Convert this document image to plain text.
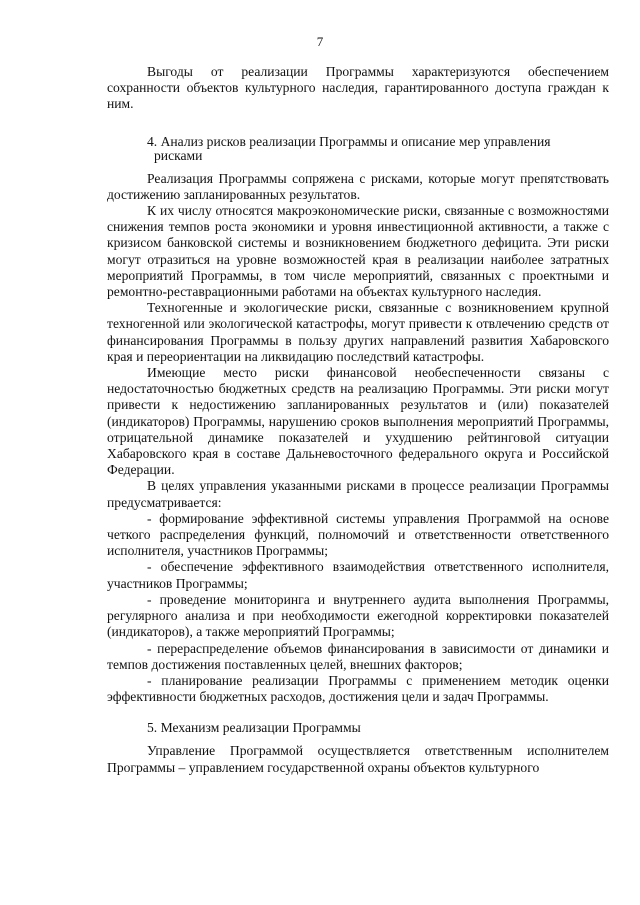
7

Выгоды от реализации Программы характеризуются обеспечением сохранности объектов культурного наследия, гарантированного доступа граждан к ним.

4. Анализ рисков реализации Программы и описание мер управления
рисками

Реализация Программы сопряжена с рисками, которые могут препятствовать достижению запланированных результатов.

К их числу относятся макроэкономические риски, связанные с возможностями снижения темпов роста экономики и уровня инвестиционной активности, а также с кризисом банковской системы и возникновением бюджетного дефицита. Эти риски могут отразиться на уровне возможностей края в реализации наиболее затратных мероприятий Программы, в том числе мероприятий, связанных с проектными и ремонтно-реставрационными работами на объектах культурного наследия.

Техногенные и экологические риски, связанные с возникновением крупной техногенной или экологической катастрофы, могут привести к отвлечению средств от финансирования Программы в пользу других направлений развития Хабаровского края и переориентации на ликвидацию последствий катастрофы.

Имеющие место риски финансовой необеспеченности связаны с недостаточностью бюджетных средств на реализацию Программы. Эти риски могут привести к недостижению запланированных результатов и (или) показателей (индикаторов) Программы, нарушению сроков выполнения мероприятий Программы, отрицательной динамике показателей и ухудшению рейтинговой ситуации Хабаровского края в составе Дальневосточного федерального округа и Российской Федерации.

В целях управления указанными рисками в процессе реализации Программы предусматривается:

- формирование эффективной системы управления Программой на основе четкого распределения функций, полномочий и ответственности ответственного исполнителя, участников Программы;

- обеспечение эффективного взаимодействия ответственного исполнителя, участников Программы;

- проведение мониторинга и внутреннего аудита выполнения Программы, регулярного анализа и при необходимости ежегодной корректировки показателей (индикаторов), а также мероприятий Программы;

- перераспределение объемов финансирования в зависимости от динамики и темпов достижения поставленных целей, внешних факторов;

- планирование реализации Программы с применением методик оценки эффективности бюджетных расходов, достижения цели и задач Программы.

5. Механизм реализации Программы

Управление Программой осуществляется ответственным исполнителем Программы – управлением государственной охраны объектов культурного
